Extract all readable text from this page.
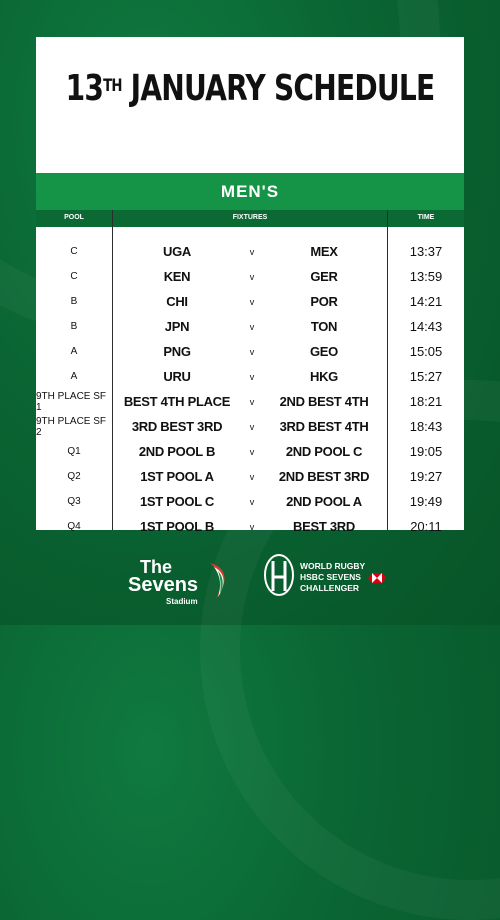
13TH JANUARY SCHEDULE
MEN'S
POOL	FIXTURES	TIME
C	UGA	v	MEX	13:37
C	KEN	v	GER	13:59
B	CHI	v	POR	14:21
B	JPN	v	TON	14:43
A	PNG	v	GEO	15:05
A	URU	v	HKG	15:27
9TH PLACE SF 1	BEST 4TH PLACE	v	2ND BEST 4TH	18:21
9TH PLACE SF 2	3RD BEST 3RD	v	3RD BEST 4TH	18:43
Q1	2ND POOL B	v	2ND POOL C	19:05
Q2	1ST POOL A	v	2ND BEST 3RD	19:27
Q3	1ST POOL C	v	2ND POOL A	19:49
Q4	1ST POOL B	v	BEST 3RD	20:11
The
Sevens
Stadium
WORLD RUGBY
HSBC SEVENS
CHALLENGER
